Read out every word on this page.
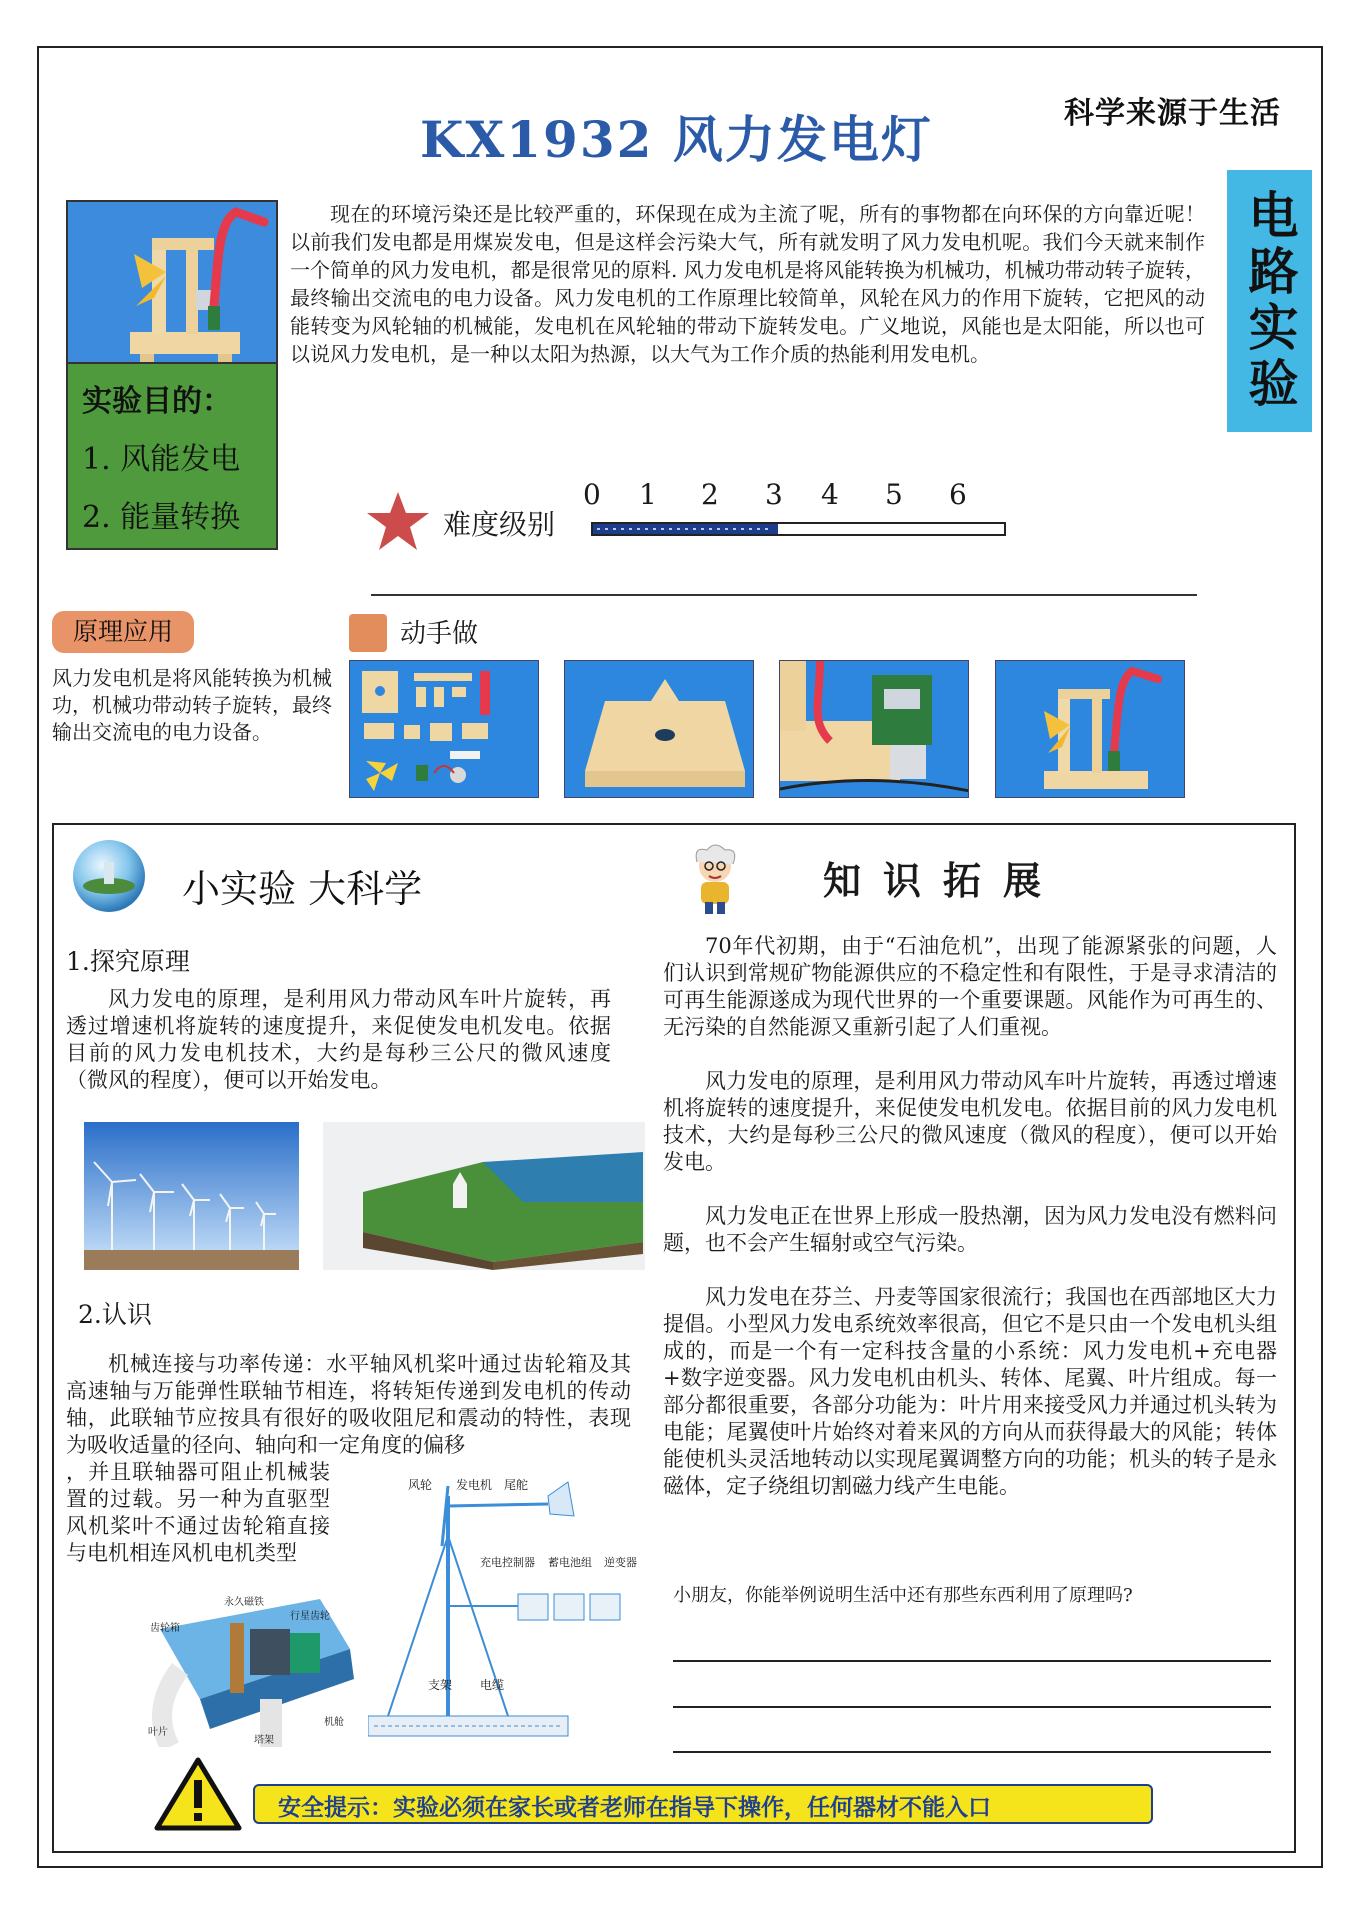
科学来源于生活
KX1932 风力发电灯
电路实验
实验目的：
1. 风能发电
2. 能量转换
现在的环境污染还是比较严重的，环保现在成为主流了呢，所有的事物都在向环保的方向靠近呢！以前我们发电都是用煤炭发电，但是这样会污染大气，所有就发明了风力发电机呢。我们今天就来制作一个简单的风力发电机，都是很常见的原料. 风力发电机是将风能转换为机械功，机械功带动转子旋转，最终输出交流电的电力设备。风力发电机的工作原理比较简单，风轮在风力的作用下旋转，它把风的动能转变为风轮轴的机械能，发电机在风轮轴的带动下旋转发电。广义地说，风能也是太阳能，所以也可以说风力发电机，是一种以太阳为热源，以大气为工作介质的热能利用发电机。
难度级别
0 1 2 3 4 5 6
原理应用
风力发电机是将风能转换为机械功，机械功带动转子旋转，最终输出交流电的电力设备。
动手做
小实验 大科学	知识拓展
1.探究原理
风力发电的原理，是利用风力带动风车叶片旋转，再透过增速机将旋转的速度提升，来促使发电机发电。依据目前的风力发电机技术，大约是每秒三公尺的微风速度（微风的程度），便可以开始发电。
2.认识
机械连接与功率传递：水平轴风机桨叶通过齿轮箱及其高速轴与万能弹性联轴节相连，将转矩传递到发电机的传动轴，此联轴节应按具有很好的吸收阻尼和震动的特性，表现为吸收适量的径向、轴向和一定角度的偏移
，并且联轴器可阻止机械装置的过载。另一种为直驱型风机桨叶不通过齿轮箱直接与电机相连风机电机类型
风轮 发电机 尾舵
充电控制器 蓄电池组 逆变器
支架 电缆
永久磁铁
齿轮箱
行星齿轮
叶片
塔架
机舱

70年代初期，由于“石油危机”，出现了能源紧张的问题，人们认识到常规矿物能源供应的不稳定性和有限性，于是寻求清洁的可再生能源遂成为现代世界的一个重要课题。风能作为可再生的、无污染的自然能源又重新引起了人们重视。

风力发电的原理，是利用风力带动风车叶片旋转，再透过增速机将旋转的速度提升，来促使发电机发电。依据目前的风力发电机技术，大约是每秒三公尺的微风速度（微风的程度），便可以开始发电。

风力发电正在世界上形成一股热潮，因为风力发电没有燃料问题，也不会产生辐射或空气污染。

风力发电在芬兰、丹麦等国家很流行；我国也在西部地区大力提倡。小型风力发电系统效率很高，但它不是只由一个发电机头组成的，而是一个有一定科技含量的小系统：风力发电机+充电器+数字逆变器。风力发电机由机头、转体、尾翼、叶片组成。每一部分都很重要，各部分功能为：叶片用来接受风力并通过机头转为电能；尾翼使叶片始终对着来风的方向从而获得最大的风能；转体能使机头灵活地转动以实现尾翼调整方向的功能；机头的转子是永磁体，定子绕组切割磁力线产生电能。

小朋友，你能举例说明生活中还有那些东西利用了原理吗?
安全提示：实验必须在家长或者老师在指导下操作，任何器材不能入口
